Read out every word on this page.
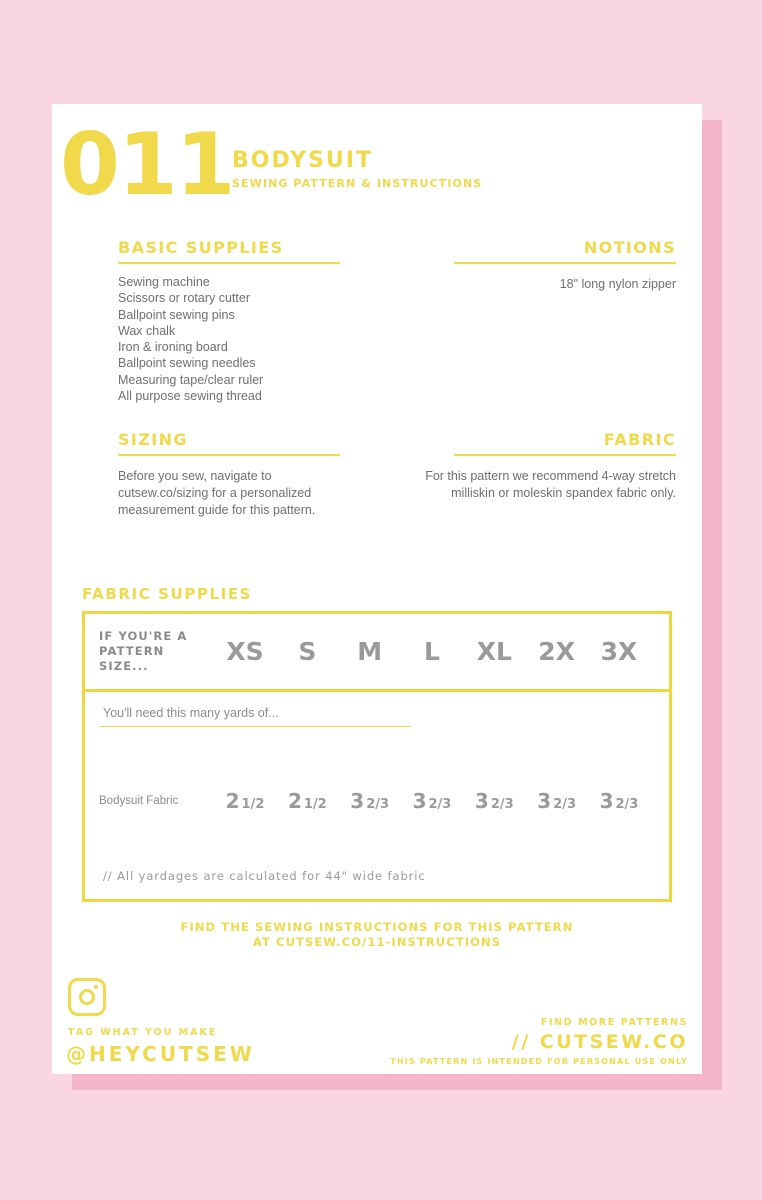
011
BODYSUIT
SEWING PATTERN & INSTRUCTIONS
BASIC SUPPLIES
Sewing machine
Scissors or rotary cutter
Ballpoint sewing pins
Wax chalk
Iron & ironing board
Ballpoint sewing needles
Measuring tape/clear ruler
All purpose sewing thread
NOTIONS
18" long nylon zipper
SIZING
Before you sew, navigate to cutsew.co/sizing for a personalized measurement guide for this pattern.
FABRIC
For this pattern we recommend 4-way stretch milliskin or moleskin spandex fabric only.
FABRIC SUPPLIES
IF YOU'RE A PATTERN SIZE...	XS	S	M	L	XL	2X	3X
You'll need this many yards of...
Bodysuit Fabric	2 1/2	2 1/2	3 2/3	3 2/3	3 2/3	3 2/3	3 2/3
// All yardages are calculated for 44" wide fabric
FIND THE SEWING INSTRUCTIONS FOR THIS PATTERN
AT CUTSEW.CO/11-INSTRUCTIONS
TAG WHAT YOU MAKE
@HEYCUTSEW
FIND MORE PATTERNS
// CUTSEW.CO
THIS PATTERN IS INTENDED FOR PERSONAL USE ONLY
